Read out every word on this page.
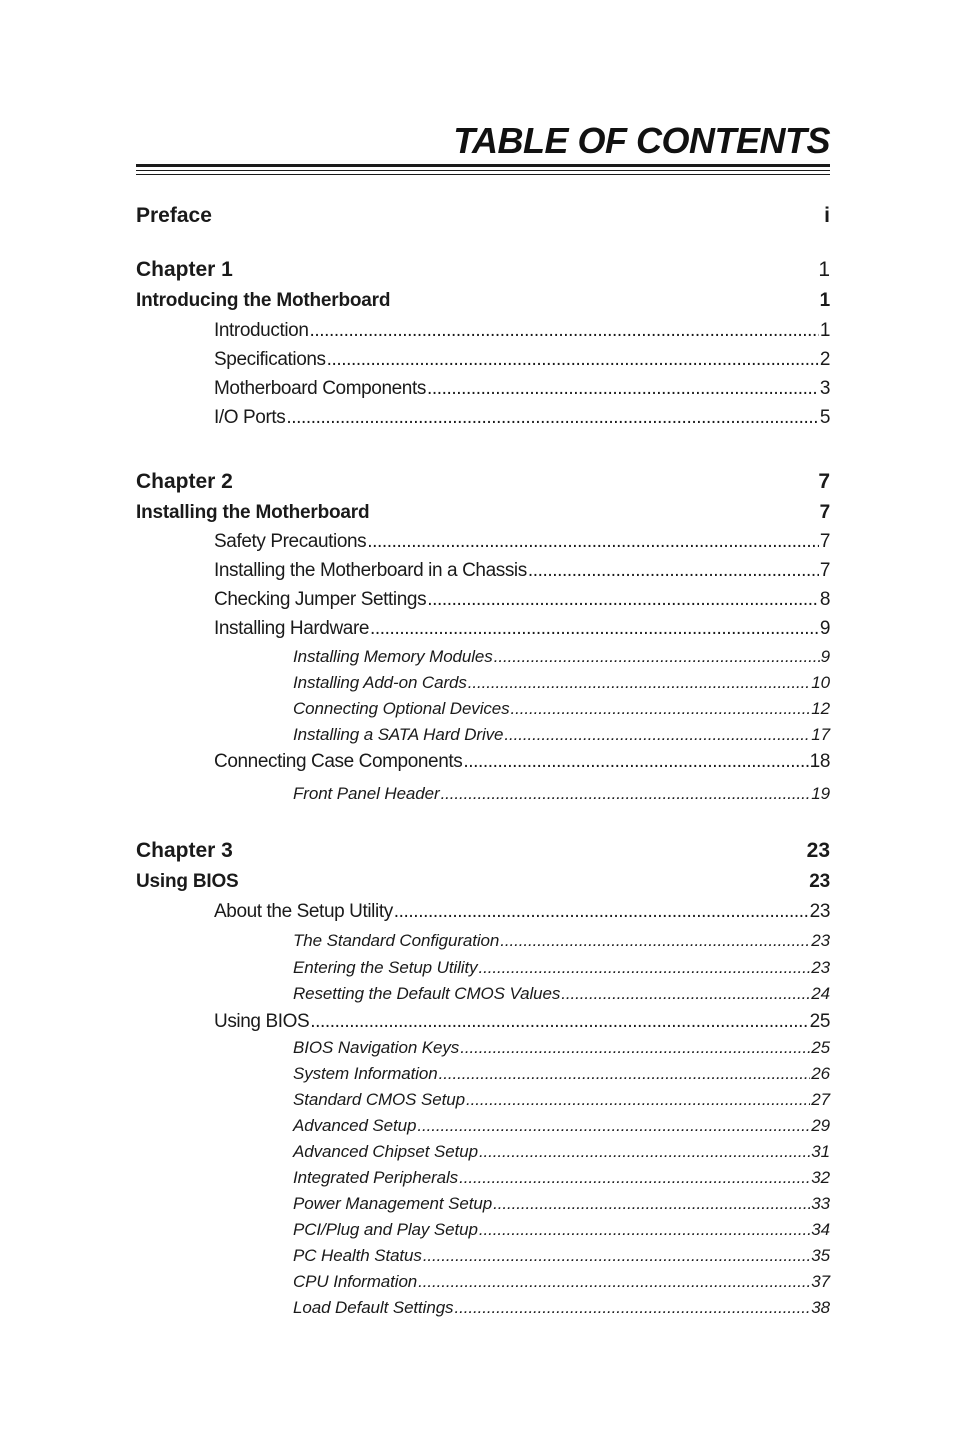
TABLE OF CONTENTS
Preface	i
Chapter 1	1
Introducing the Motherboard	1
Introduction .....	1
Specifications .....	2
Motherboard Components .....	3
I/O Ports .....	5
Chapter 2	7
Installing the Motherboard	7
Safety Precautions .....	7
Installing the Motherboard in a Chassis .....	7
Checking Jumper Settings .....	8
Installing Hardware .....	9
Installing Memory Modules .....	9
Installing Add-on Cards .....	10
Connecting Optional Devices .....	12
Installing a SATA Hard Drive .....	17
Connecting Case Components .....	18
Front Panel Header .....	19
Chapter 3	23
Using BIOS	23
About the Setup Utility .....	23
The Standard Configuration .....	23
Entering the Setup Utility .....	23
Resetting the Default CMOS Values .....	24
Using BIOS .....	25
BIOS Navigation Keys .....	25
System Information .....	26
Standard CMOS Setup .....	27
Advanced Setup .....	29
Advanced Chipset Setup .....	31
Integrated Peripherals .....	32
Power Management Setup .....	33
PCI/Plug and Play Setup .....	34
PC Health Status .....	35
CPU Information .....	37
Load Default Settings .....	38
